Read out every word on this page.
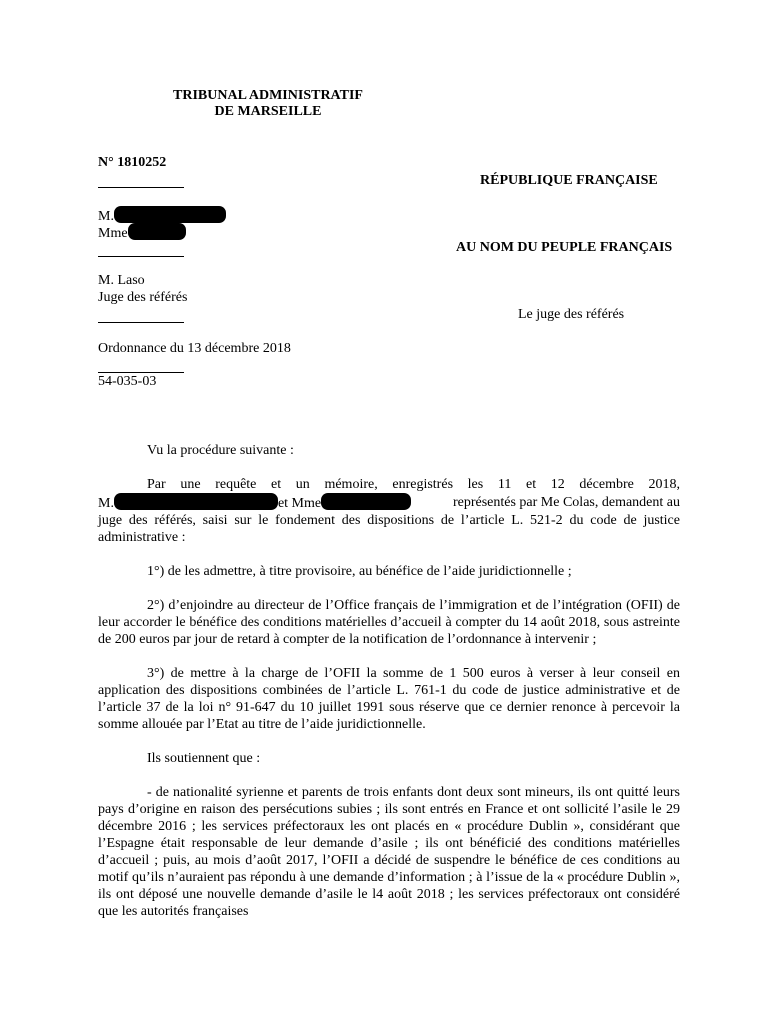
TRIBUNAL ADMINISTRATIF
DE MARSEILLE
N° 1810252
M.
Mme
M. Laso
Juge des référés
Ordonnance du 13 décembre 2018
54-035-03
RÉPUBLIQUE FRANÇAISE
AU NOM DU PEUPLE FRANÇAIS
Le juge des référés

Vu la procédure suivante :

Par une requête et un mémoire, enregistrés les 11 et 12 décembre 2018,

M.	et Mme	représentés par Me Colas, demandent au

juge des référés, saisi sur le fondement des dispositions de l’article L. 521-2 du code de justice administrative :

1°) de les admettre, à titre provisoire, au bénéfice de l’aide juridictionnelle ;

2°) d’enjoindre au directeur de l’Office français de l’immigration et de l’intégration (OFII) de leur accorder le bénéfice des conditions matérielles d’accueil à compter du 14 août 2018, sous astreinte de 200 euros par jour de retard à compter de la notification de l’ordonnance à intervenir ;

3°) de mettre à la charge de l’OFII la somme de 1 500 euros à verser à leur conseil en application des dispositions combinées de l’article L. 761-1 du code de justice administrative et de l’article 37 de la loi n° 91-647 du 10 juillet 1991 sous réserve que ce dernier renonce à percevoir la somme allouée par l’Etat au titre de l’aide juridictionnelle.

Ils soutiennent que :

- de nationalité syrienne et parents de trois enfants dont deux sont mineurs, ils ont quitté leurs pays d’origine en raison des persécutions subies ; ils sont entrés en France et ont sollicité l’asile le 29 décembre 2016 ; les services préfectoraux les ont placés en « procédure Dublin », considérant que l’Espagne était responsable de leur demande d’asile ; ils ont bénéficié des conditions matérielles d’accueil ; puis, au mois d’août 2017, l’OFII a décidé de suspendre le bénéfice de ces conditions au motif qu’ils n’auraient pas répondu à une demande d’information ; à l’issue de la « procédure Dublin », ils ont déposé une nouvelle demande d’asile le l4 août 2018 ; les services préfectoraux ont considéré que les autorités françaises
